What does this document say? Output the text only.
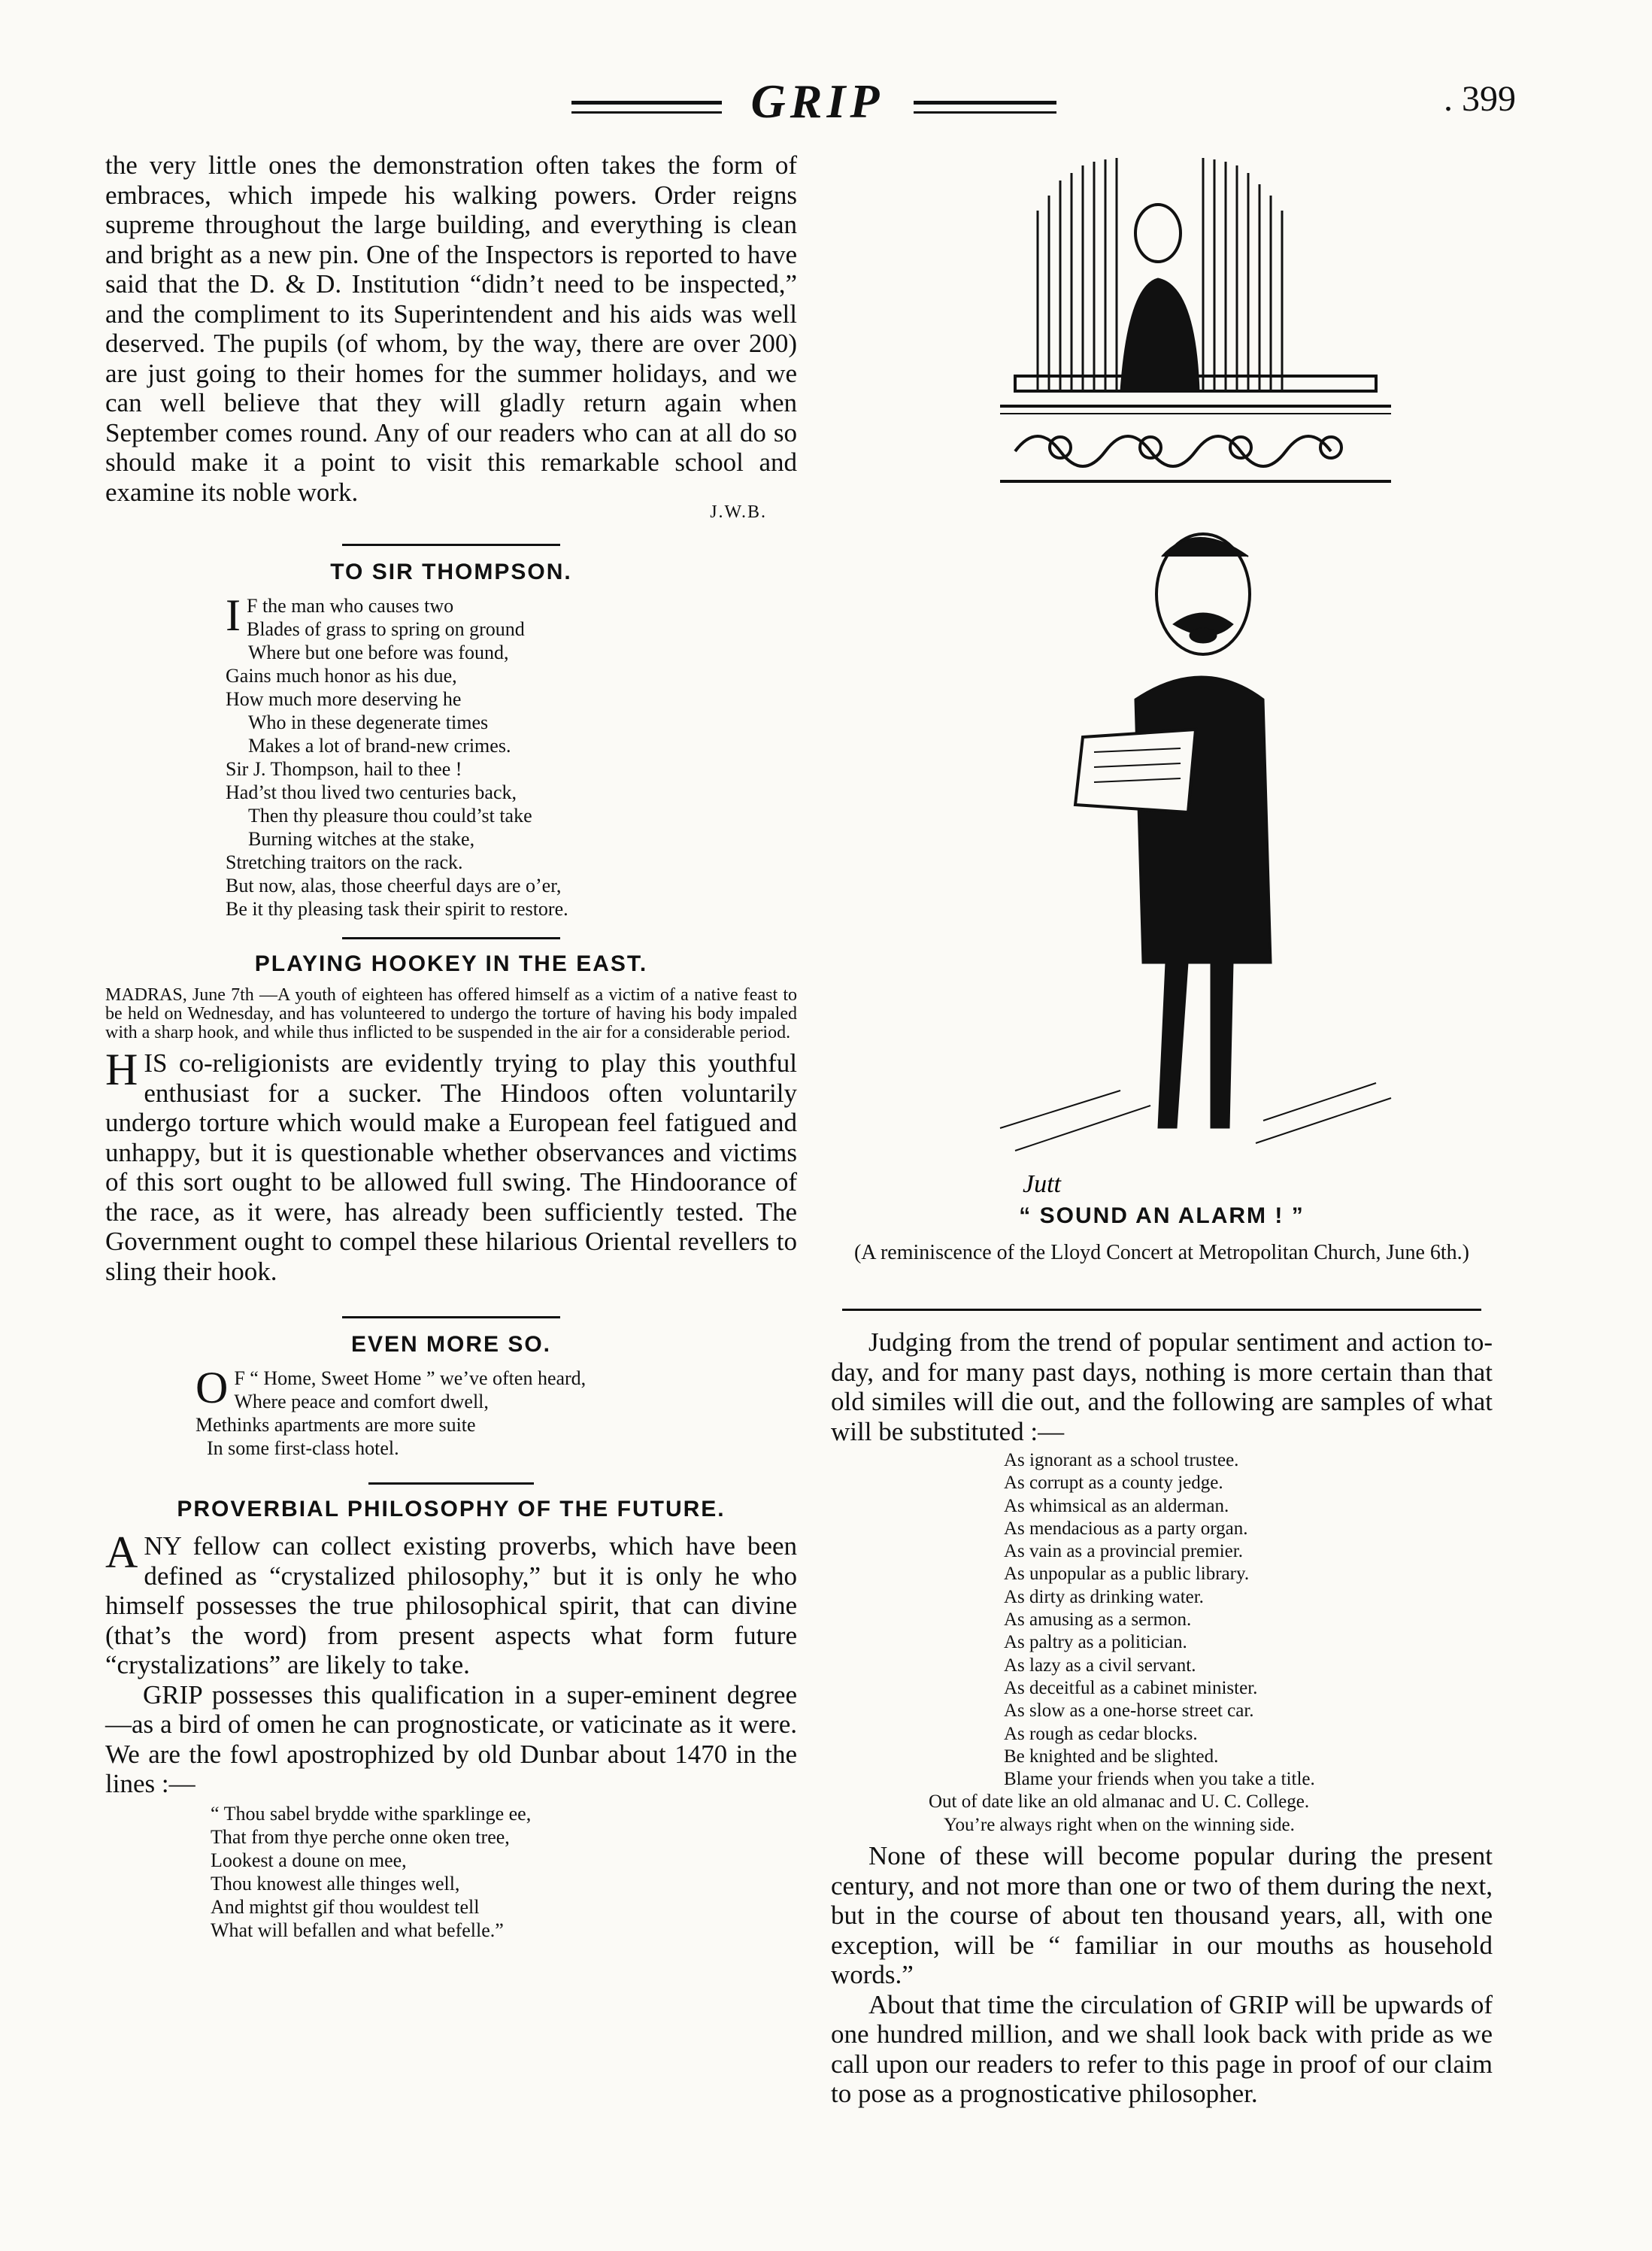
GRIP	. 399

the very little ones the demonstration often takes the form of embraces, which impede his walking powers. Order reigns supreme throughout the large building, and everything is clean and bright as a new pin. One of the Inspectors is reported to have said that the D. & D. Institution “didn’t need to be inspected,” and the compliment to its Superintendent and his aids was well deserved. The pupils (of whom, by the way, there are over 200) are just going to their homes for the summer holidays, and we can well believe that they will gladly return again when September comes round. Any of our readers who can at all do so should make it a point to visit this remarkable school and examine its noble work.

J.W.B.
TO SIR THOMPSON.
I F the man who causes two
Blades of grass to spring on ground
Where but one before was found,
Gains much honor as his due,
How much more deserving he
Who in these degenerate times
Makes a lot of brand-new crimes.
Sir J. Thompson, hail to thee !
Had’st thou lived two centuries back,
Then thy pleasure thou could’st take
Burning witches at the stake,
Stretching traitors on the rack.
But now, alas, those cheerful days are o’er,
Be it thy pleasing task their spirit to restore.
PLAYING HOOKEY IN THE EAST.

MADRAS, June 7th —A youth of eighteen has offered himself as a victim of a native feast to be held on Wednesday, and has volunteered to undergo the torture of having his body impaled with a sharp hook, and while thus inflicted to be suspended in the air for a considerable period.

HIS co-religionists are evidently trying to play this youthful enthusiast for a sucker. The Hindoos often voluntarily undergo torture which would make a European feel fatigued and unhappy, but it is questionable whether observances and victims of this sort ought to be allowed full swing. The Hindoorance of the race, as it were, has already been sufficiently tested. The Government ought to compel these hilarious Oriental revellers to sling their hook.

EVEN MORE SO.
O F “ Home, Sweet Home ” we’ve often heard,
Where peace and comfort dwell,
Methinks apartments are more suite
In some first-class hotel.
PROVERBIAL PHILOSOPHY OF THE FUTURE.

ANY fellow can collect existing proverbs, which have been defined as “crystalized philosophy,” but it is only he who himself possesses the true philosophical spirit, that can divine (that’s the word) from present aspects what form future “crystalizations” are likely to take.

GRIP possesses this qualification in a super-eminent degree—as a bird of omen he can prognosticate, or vaticinate as it were. We are the fowl apostrophized by old Dunbar about 1470 in the lines :—

“ Thou sabel brydde withe sparklinge ee,
That from thye perche onne oken tree,
Lookest a doune on mee,
Thou knowest alle thinges well,
And mightst gif thou wouldest tell
What will befallen and what befelle.”
Jutt
“ SOUND AN ALARM ! ”
(A reminiscence of the Lloyd Concert at Metropolitan Church, June 6th.)

Judging from the trend of popular sentiment and action to-day, and for many past days, nothing is more certain than that old similes will die out, and the following are samples of what will be substituted :—

As ignorant as a school trustee.
As corrupt as a county jedge.
As whimsical as an alderman.
As mendacious as a party organ.
As vain as a provincial premier.
As unpopular as a public library.
As dirty as drinking water.
As amusing as a sermon.
As paltry as a politician.
As lazy as a civil servant.
As deceitful as a cabinet minister.
As slow as a one-horse street car.
As rough as cedar blocks.
Be knighted and be slighted.
Blame your friends when you take a title.
Out of date like an old almanac and U. C. College.
You’re always right when on the winning side.

None of these will become popular during the present century, and not more than one or two of them during the next, but in the course of about ten thousand years, all, with one exception, will be “ familiar in our mouths as household words.”

About that time the circulation of GRIP will be upwards of one hundred million, and we shall look back with pride as we call upon our readers to refer to this page in proof of our claim to pose as a prognosticative philosopher.
